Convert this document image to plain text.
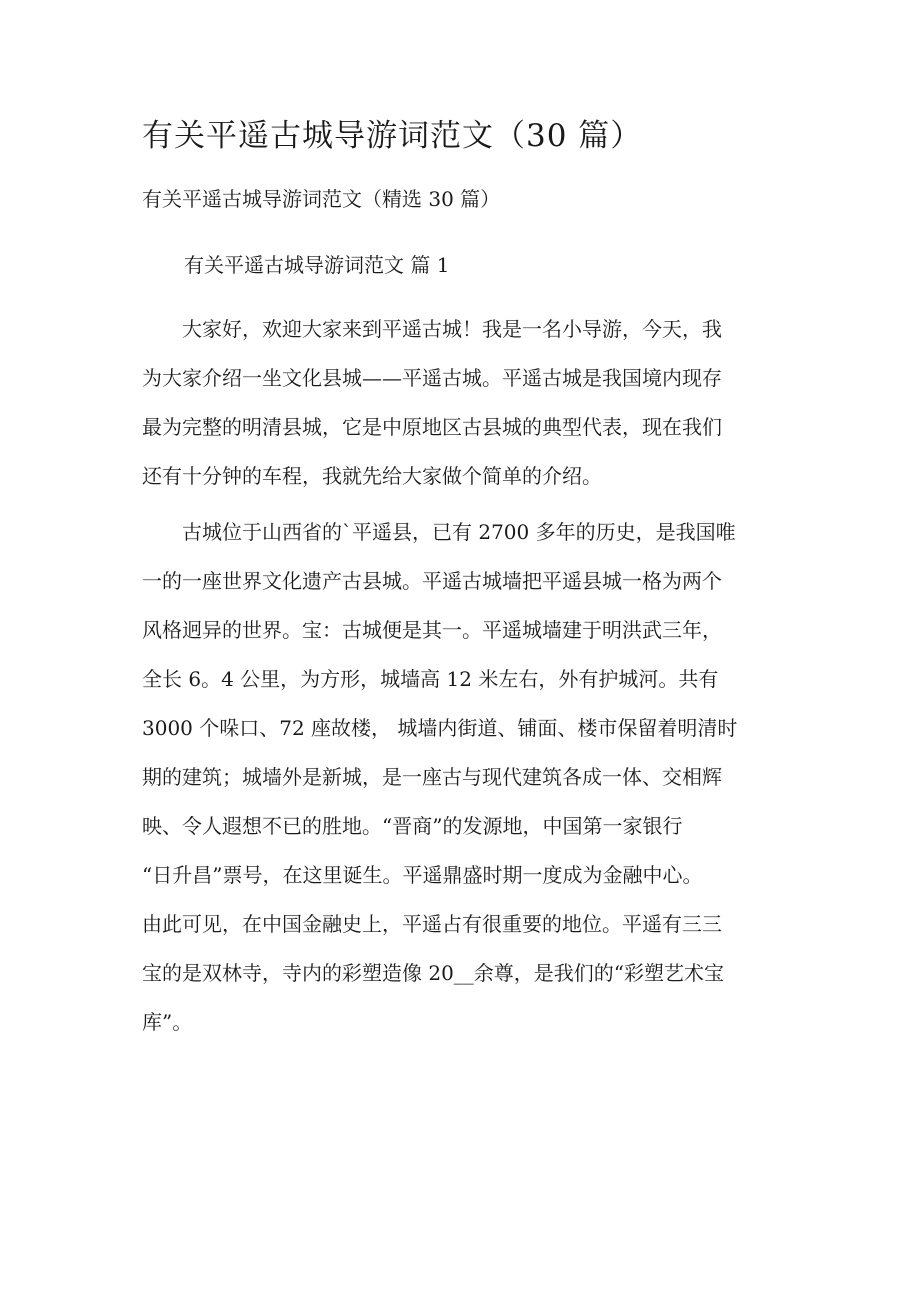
有关平遥古城导游词范文（30 篇）

有关平遥古城导游词范文（精选 30 篇）

有关平遥古城导游词范文 篇 1

　　大家好，欢迎大家来到平遥古城！我是一名小导游，今天，我
为大家介绍一坐文化县城——平遥古城。平遥古城是我国境内现存
最为完整的明清县城，它是中原地区古县城的典型代表，现在我们
还有十分钟的车程，我就先给大家做个简单的介绍。
　　古城位于山西省的`平遥县，已有 2700 多年的历史，是我国唯
一的一座世界文化遗产古县城。平遥古城墙把平遥县城一格为两个
风格迥异的世界。宝：古城便是其一。平遥城墙建于明洪武三年，
全长 6。4 公里，为方形，城墙高 12 米左右，外有护城河。共有
3000 个哚口、72 座故楼， 城墙内街道、铺面、楼市保留着明清时
期的建筑；城墙外是新城，是一座古与现代建筑各成一体、交相辉
映、令人遐想不已的胜地。“晋商”的发源地，中国第一家银行
“日升昌”票号，在这里诞生。平遥鼎盛时期一度成为金融中心。
由此可见，在中国金融史上，平遥占有很重要的地位。平遥有三三
宝的是双林寺，寺内的彩塑造像 20__余尊，是我们的“彩塑艺术宝
库”。
